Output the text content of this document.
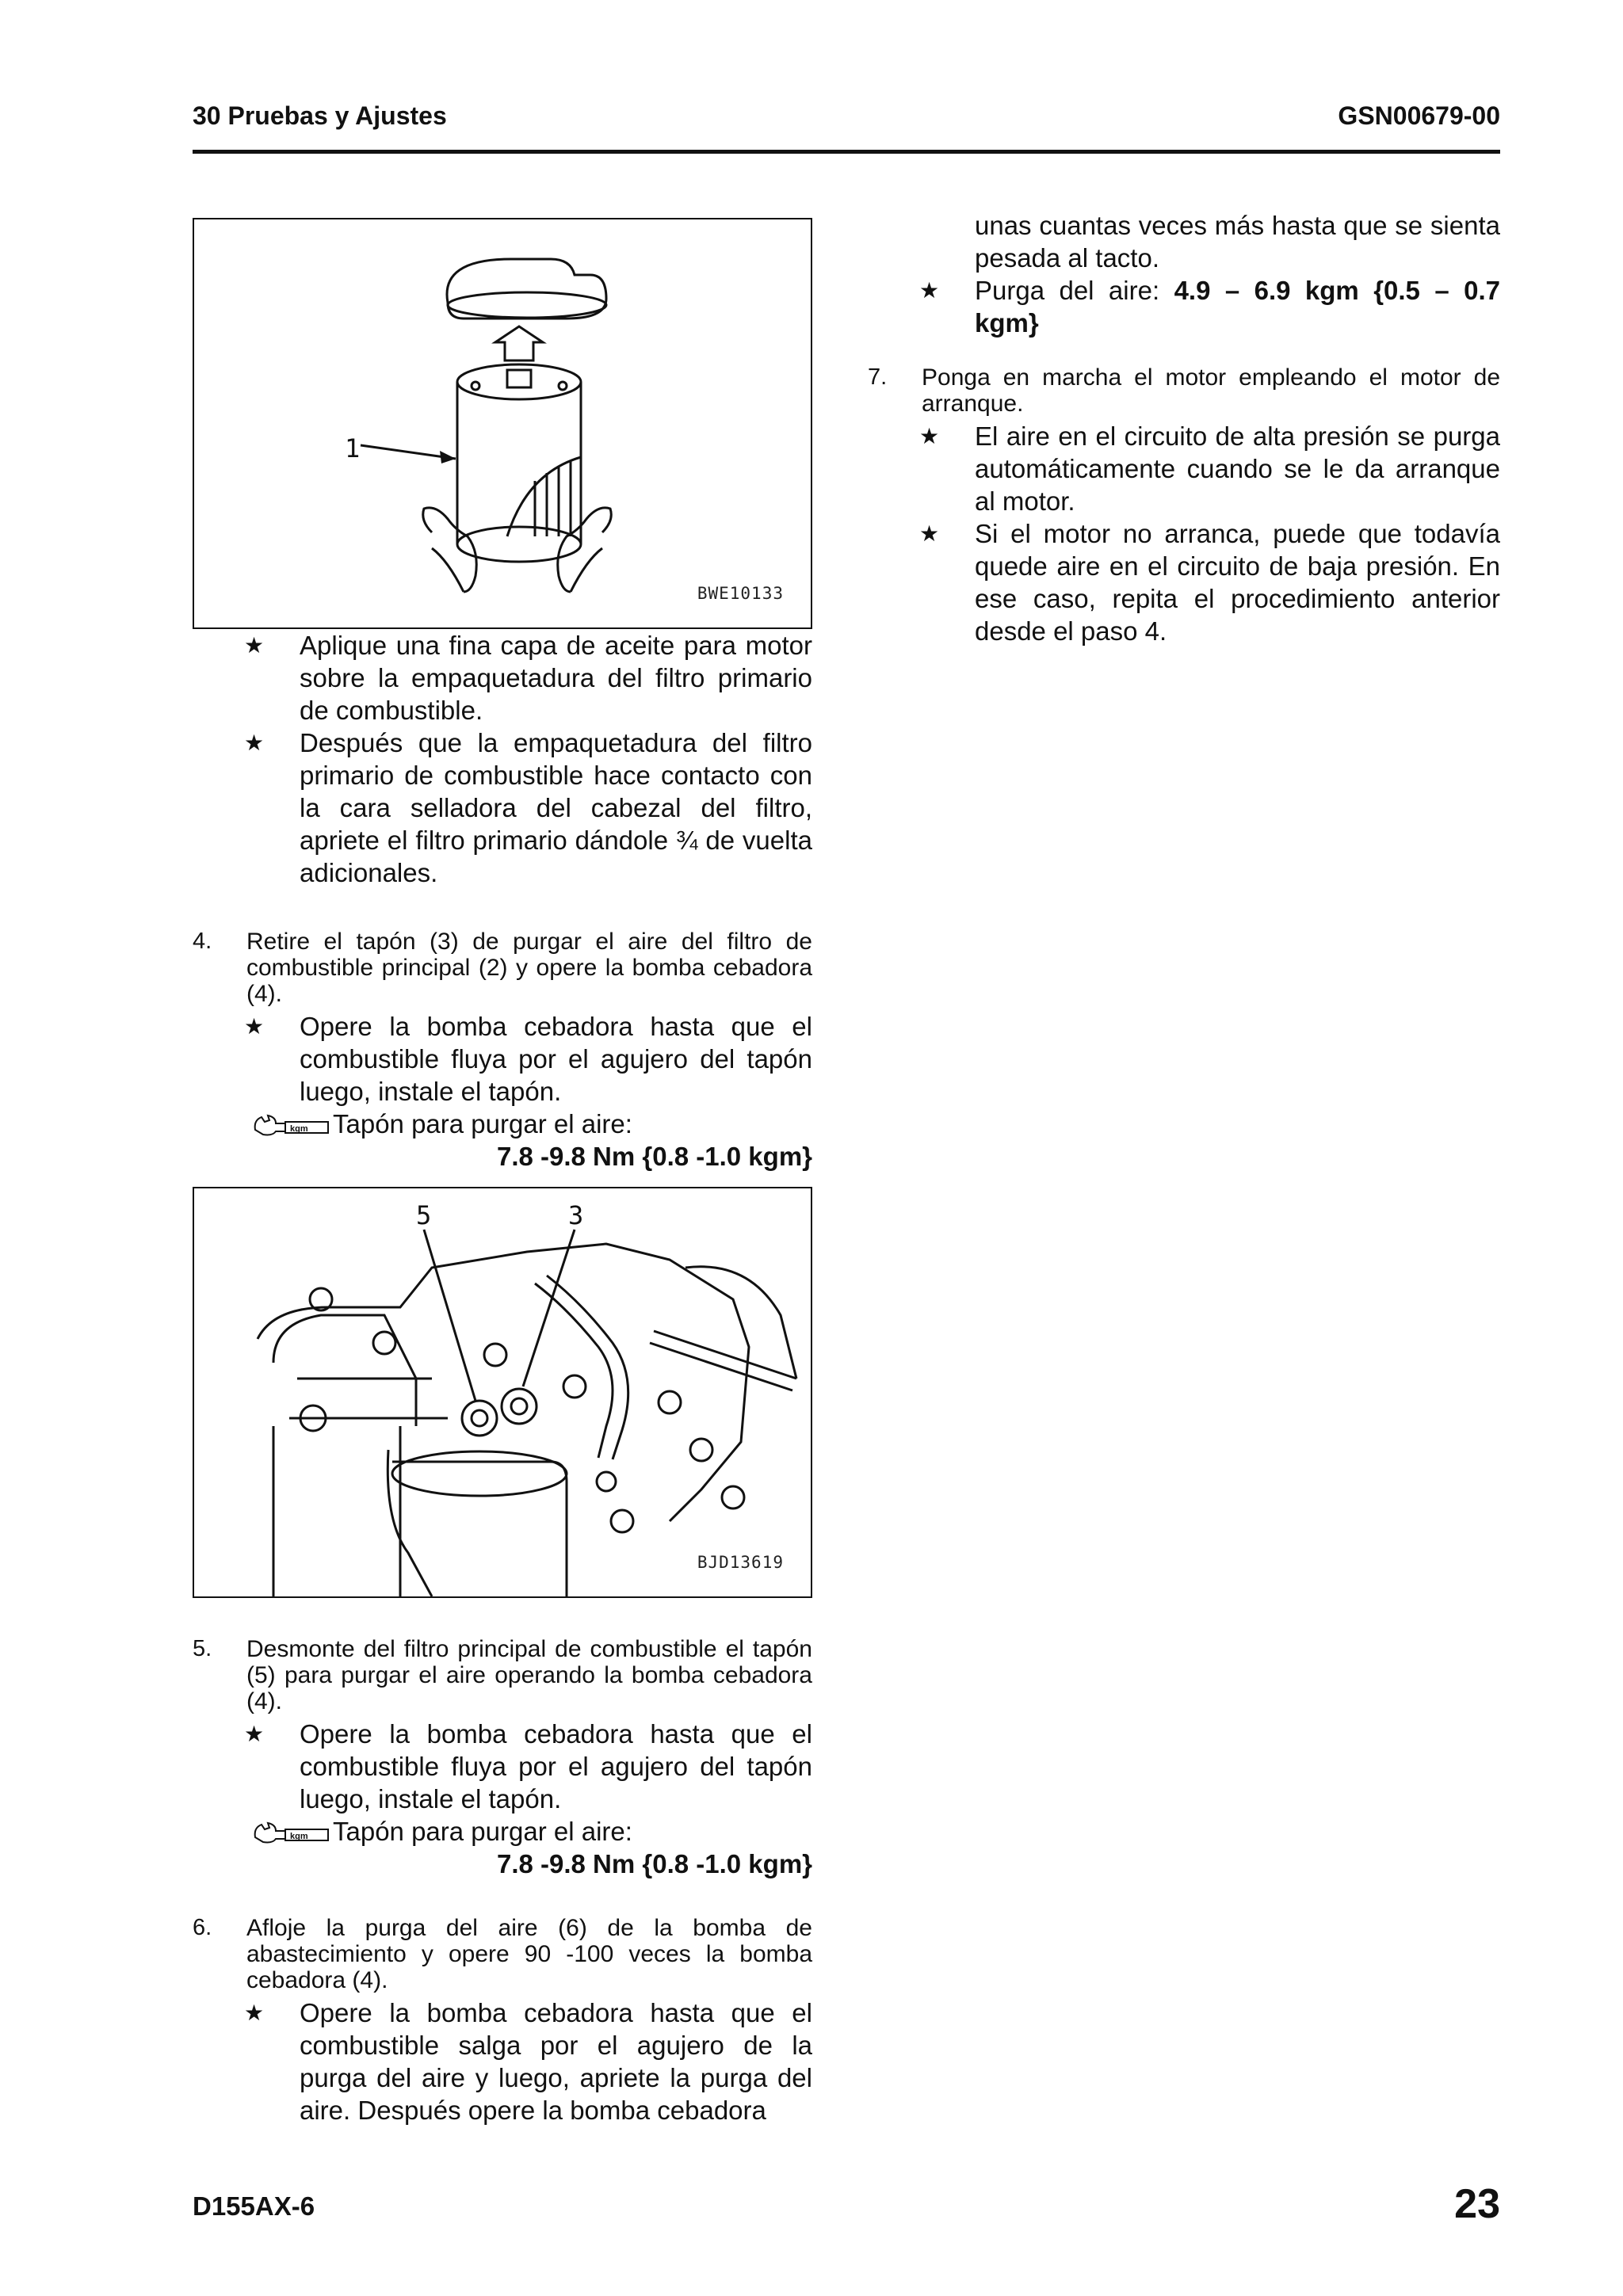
30 Pruebas y Ajustes	GSN00679-00
1
BWE10133
★	Aplique una fina capa de aceite para motor sobre la empaquetadura del filtro primario de combustible.
★	Después que la empaquetadura del filtro primario de combustible hace contacto con la cara selladora del cabezal del filtro, apriete el filtro primario dándole ¾ de vuelta adicionales.
4.	Retire el tapón (3) de purgar el aire del filtro de combustible principal (2) y opere la bomba cebadora (4).
★	Opere la bomba cebadora hasta que el combustible fluya por el agujero del tapón luego, instale el tapón.
kgm Tapón para purgar el aire:
7.8 -9.8 Nm {0.8 -1.0 kgm}
5	3
BJD13619
5.	Desmonte del filtro principal de combustible el tapón (5) para purgar el aire operando la bomba cebadora (4).
★	Opere la bomba cebadora hasta que el combustible fluya por el agujero del tapón luego, instale el tapón.
kgm Tapón para purgar el aire:
7.8 -9.8 Nm {0.8 -1.0 kgm}
6.	Afloje la purga del aire (6) de la bomba de abastecimiento y opere 90 -100 veces la bomba cebadora (4).
★	Opere la bomba cebadora hasta que el combustible salga por el agujero de la purga del aire y luego, apriete la purga del aire. Después opere la bomba cebadora
unas cuantas veces más hasta que se sienta pesada al tacto.
★	Purga del aire: 4.9 – 6.9 kgm {0.5 – 0.7 kgm}
7.	Ponga en marcha el motor empleando el motor de arranque.
★	El aire en el circuito de alta presión se purga automáticamente cuando se le da arranque al motor.
★	Si el motor no arranca, puede que todavía quede aire en el circuito de baja presión. En ese caso, repita el procedimiento anterior desde el paso 4.
D155AX-6	23
